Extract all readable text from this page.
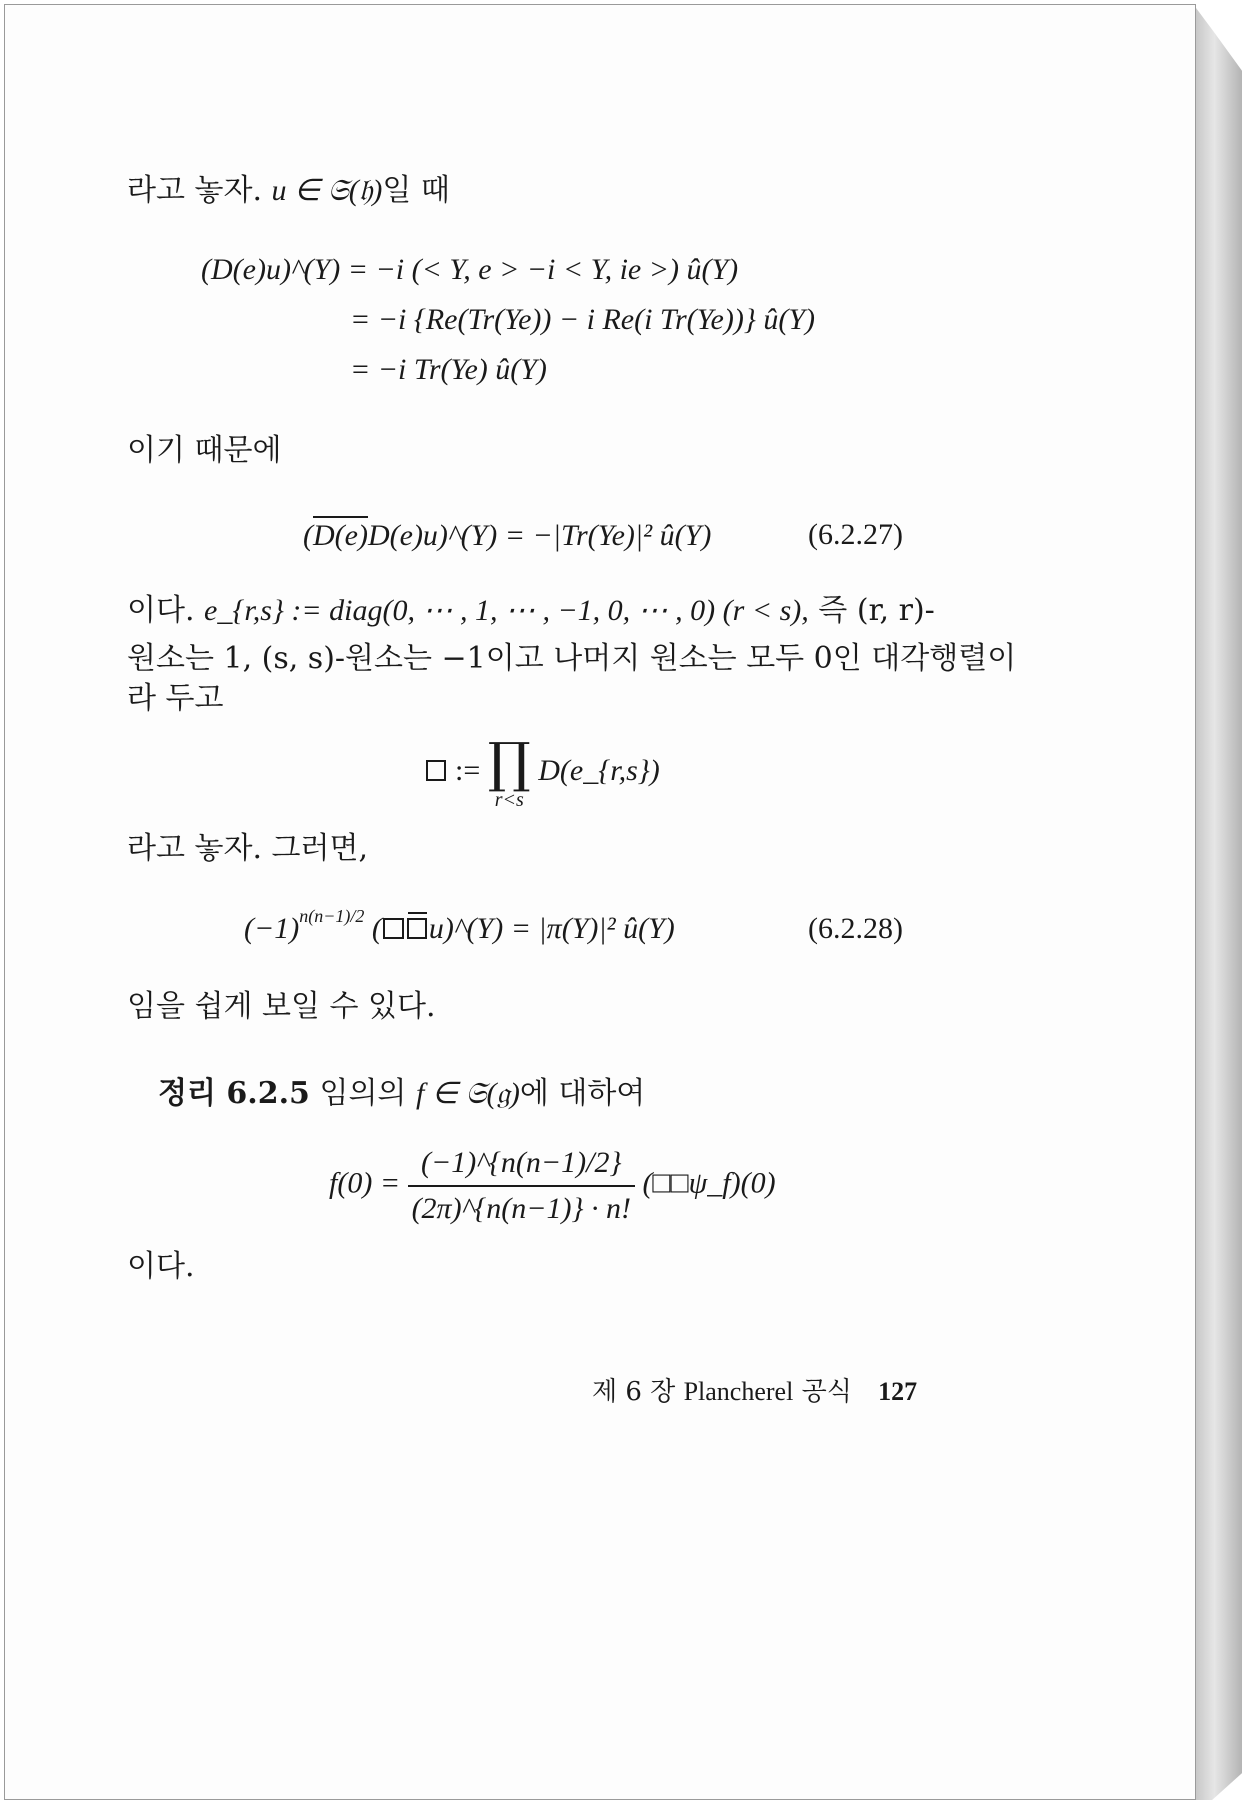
라고 놓자. u ∈ 𝔖(𝔥)일 때
(D(e)u)^(Y) = −i (< Y, e > −i < Y, ie >) û(Y)
= −i {Re(Tr(Ye)) − i Re(i Tr(Ye))} û(Y)
= −i Tr(Ye) û(Y)
이기 때문에
(D(e)D(e)u)^(Y) = −|Tr(Ye)|² û(Y)	(6.2.27)
이다. e_{r,s} := diag(0, ⋯ , 1, ⋯ , −1, 0, ⋯ , 0) (r < s), 즉 (r, r)-
원소는 1, (s, s)-원소는 −1이고 나머지 원소는 모두 0인 대각행렬이
라 두고
:= ∏
r<s
D(e_{r,s})
라고 놓자. 그러면,
$(-1)^{n(n-1)/2}$ ( u)^(Y) = |π(Y)|² û(Y)	(6.2.28)
임을 쉽게 보일 수 있다.
정리 6.2.5 임의의 f ∈ 𝔖(𝔤)에 대하여
$f(0) = \frac{(-1)\^{}\{n(n-1)/2\}}{(2\pi)\^{}\{n(n-1)\} \cdot n!}$ (□□ψ_f)(0)
이다.
제 6 장 Plancherel 공식 127
